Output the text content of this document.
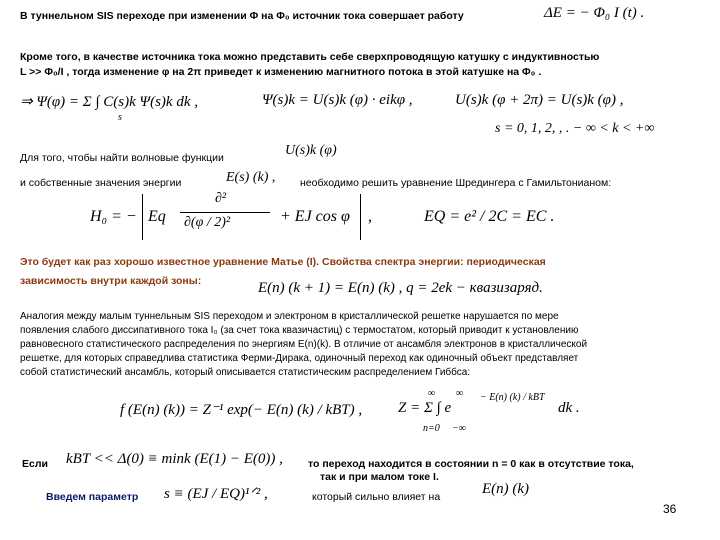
В туннельном SIS переходе при изменении Φ на Φ₀ источник тока совершает работу	ΔE = − Φ₀ I (t) .
Кроме того, в качестве источника тока можно представить себе сверхпроводящую катушку с индуктивностью
L >> Φ₀/I , тогда изменение φ на 2π приведет к изменению магнитного потока в этой катушке на Φ₀ .
⇒ Ψ(φ) = Σ ∫ C(s)k Ψ(s)k dk ,
s
Ψ(s)k = U(s)k (φ) · eikφ ,	U(s)k (φ + 2π) = U(s)k (φ) ,
s = 0, 1, 2, , . − ∞ < k < +∞
Для того, чтобы найти волновые функции	U(s)k (φ)
и собственные значения энергии	E(s) (k) , необходимо решить уравнение Шредингера с Гамильтонианом:
H₀ = − Eq
∂²
∂(φ / 2)²	+ EJ cos φ ,	EQ = e² / 2C = EC .
Это будет как раз хорошо известное уравнение Матье (I). Свойства спектра энергии: периодическая
зависимость внутри каждой зоны:	E(n) (k + 1) = E(n) (k) , q = 2ek − квазизаряд.
Аналогия между малым туннельным SIS переходом и электроном в кристаллической решетке нарушается по мере
появления слабого диссипативного тока I₀ (за счет тока квазичастиц) с термостатом, который приводит к установлению
равновесного статистического распределения по энергиям E(n)(k). В отличие от ансамбля электронов в кристаллической
решетке, для которых справедлива статистика Ферми-Дирака, одиночный переход как одиночный объект представляет
собой статистический ансамбль, который описывается статистическим распределением Гиббса:
f (E(n) (k)) = Z⁻¹ exp(− E(n) (k) / kBT) , Z = Σ ∫ e
∞
n=0
∞
−∞
− E(n) (k) / kBT
dk .
Если kBT << Δ(0) ≡ mink (E(1) − E(0)) , то переход находится в состоянии n = 0 как в отсутствие тока,
так и при малом токе I.
Введем параметр s ≡ (EJ / EQ)¹ᐟ² ,	который сильно влияет на	E(n) (k)
36
